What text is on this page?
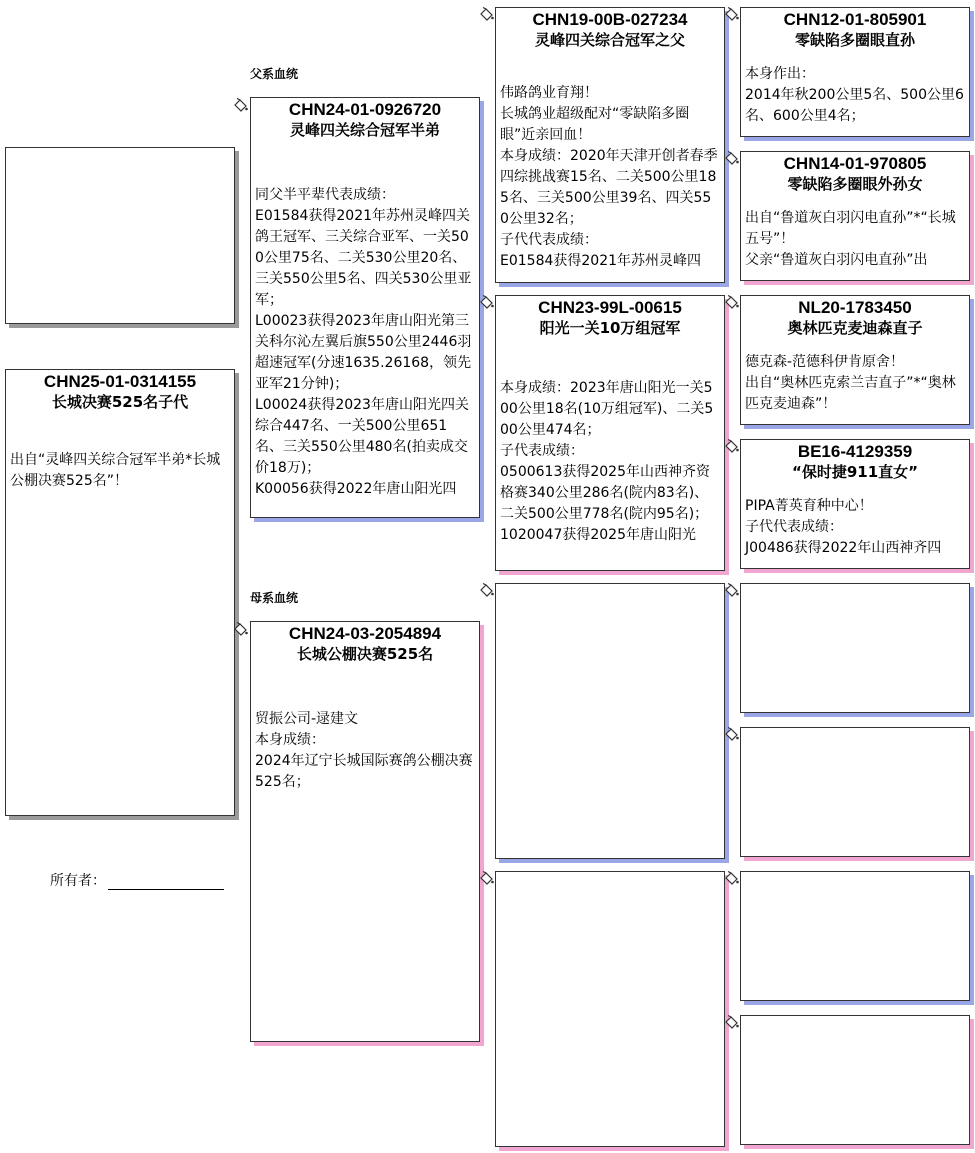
父系血统
母系血统
CHN25-01-0314155
长城决赛525名子代
出自“灵峰四关综合冠军半弟*长城公棚决赛525名”！
所有者：
CHN24-01-0926720
灵峰四关综合冠军半弟
同父半平辈代表成绩：
E01584获得2021年苏州灵峰四关鸽王冠军、三关综合亚军、一关500公里75名、二关530公里20名、三关550公里5名、四关530公里亚军；
L00023获得2023年唐山阳光第三关科尔沁左翼后旗550公里2446羽超速冠军(分速1635.26168，领先亚军21分钟)；
L00024获得2023年唐山阳光四关综合447名、一关500公里651名、三关550公里480名(拍卖成交价18万)；
K00056获得2022年唐山阳光四
CHN24-03-2054894
长城公棚决赛525名
贸振公司-逯建文
本身成绩：
2024年辽宁长城国际赛鸽公棚决赛525名；
CHN19-00B-027234
灵峰四关综合冠军之父
伟路鸽业育翔！
长城鸽业超级配对“零缺陷多圈眼”近亲回血！
本身成绩：2020年天津开创者春季四综挑战赛15名、二关500公里185名、三关500公里39名、四关550公里32名；
子代代表成绩：
E01584获得2021年苏州灵峰四
CHN23-99L-00615
阳光一关10万组冠军
本身成绩：2023年唐山阳光一关500公里18名(10万组冠军)、二关500公里474名；
子代表成绩：
0500613获得2025年山西神齐资格赛340公里286名(院内83名)、二关500公里778名(院内95名)；
1020047获得2025年唐山阳光
CHN12-01-805901
零缺陷多圈眼直孙
本身作出：
2014年秋200公里5名、500公里6名、600公里4名；
CHN14-01-970805
零缺陷多圈眼外孙女
出自“鲁道灰白羽闪电直孙”*“长城五号”！
父亲“鲁道灰白羽闪电直孙”出
NL20-1783450
奥林匹克麦迪森直子
德克森-范德科伊肯原舍！
出自“奥林匹克索兰吉直子”*“奥林匹克麦迪森”！
BE16-4129359
“保时捷911直女”
PIPA菁英育种中心！
子代代表成绩：
J00486获得2022年山西神齐四
